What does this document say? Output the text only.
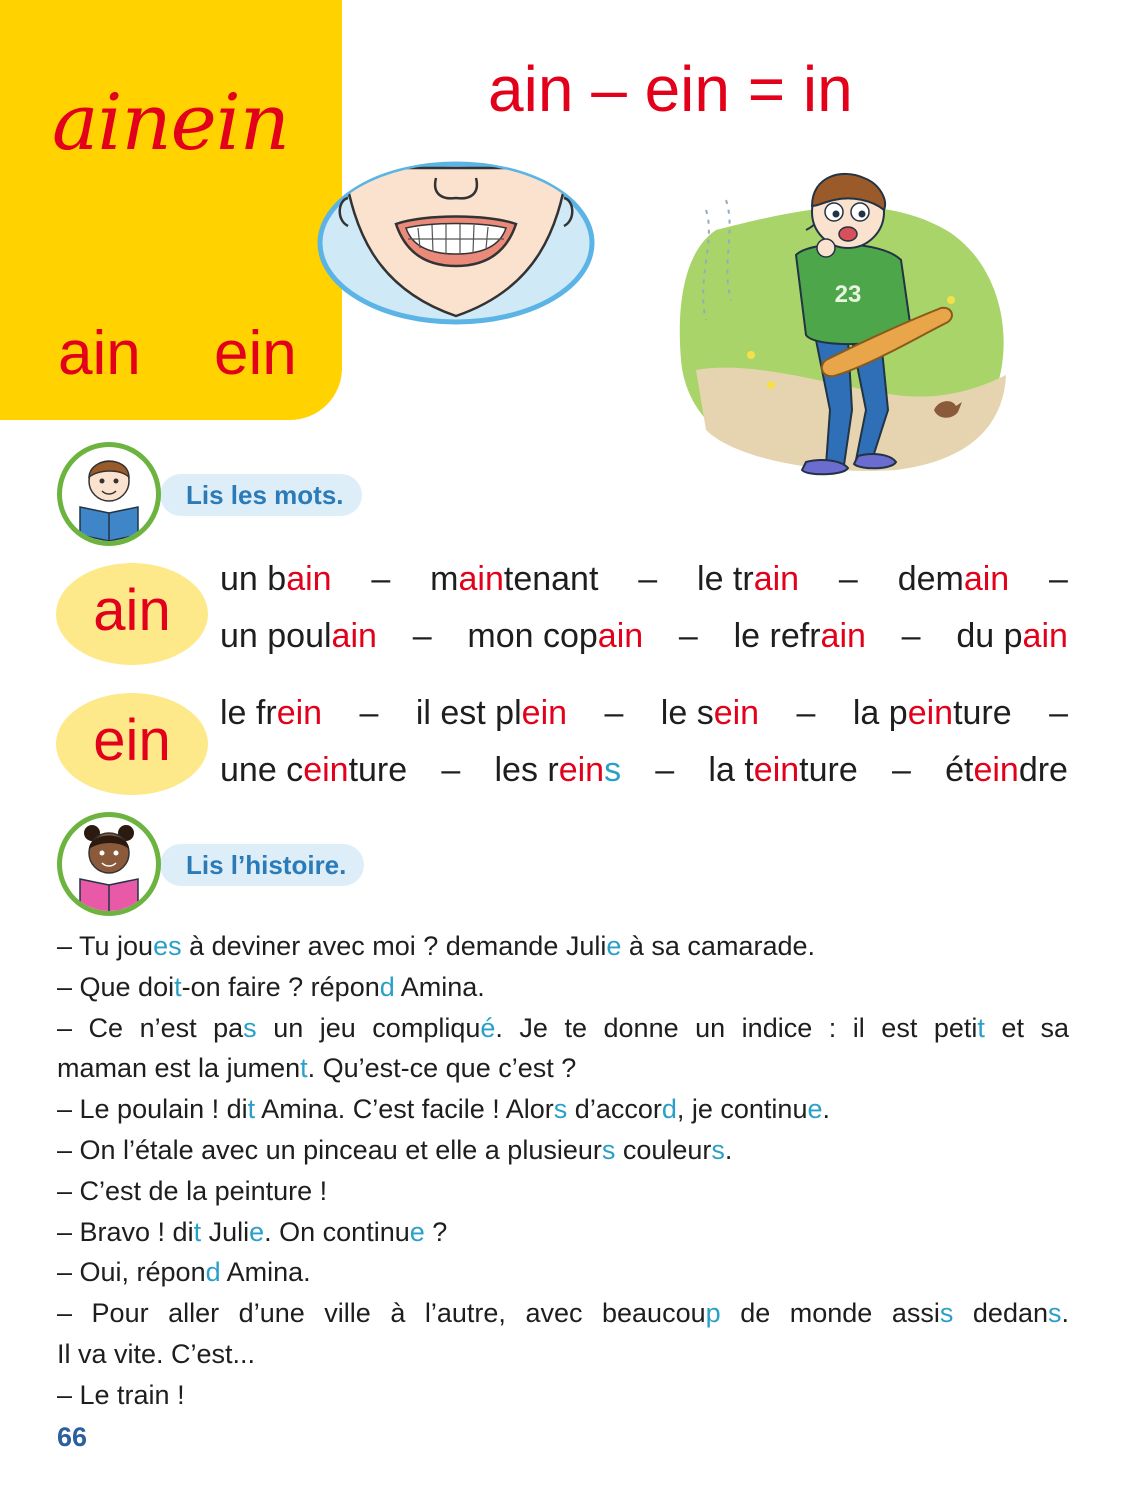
ainein
ain ein
ain – ein = in
23
Lis les mots.
ain	un bain – maintenant – le train – demain –
un poulain – mon copain – le refrain – du pain
ein	le frein – il est plein – le sein – la peinture –
une ceinture – les reins – la teinture – éteindre
Lis l’histoire.
– Tu joues à deviner avec moi ? demande Julie à sa camarade.
– Que doit-on faire ? répond Amina.
– Ce n’est pas un jeu compliqué. Je te donne un indice : il est petit et sa
maman est la jument. Qu’est-ce que c’est ?
– Le poulain ! dit Amina. C’est facile ! Alors d’accord, je continue.
– On l’étale avec un pinceau et elle a plusieurs couleurs.
– C’est de la peinture !
– Bravo ! dit Julie. On continue ?
– Oui, répond Amina.
– Pour aller d’une ville à l’autre, avec beaucoup de monde assis dedans.
Il va vite. C’est...
– Le train !
66
